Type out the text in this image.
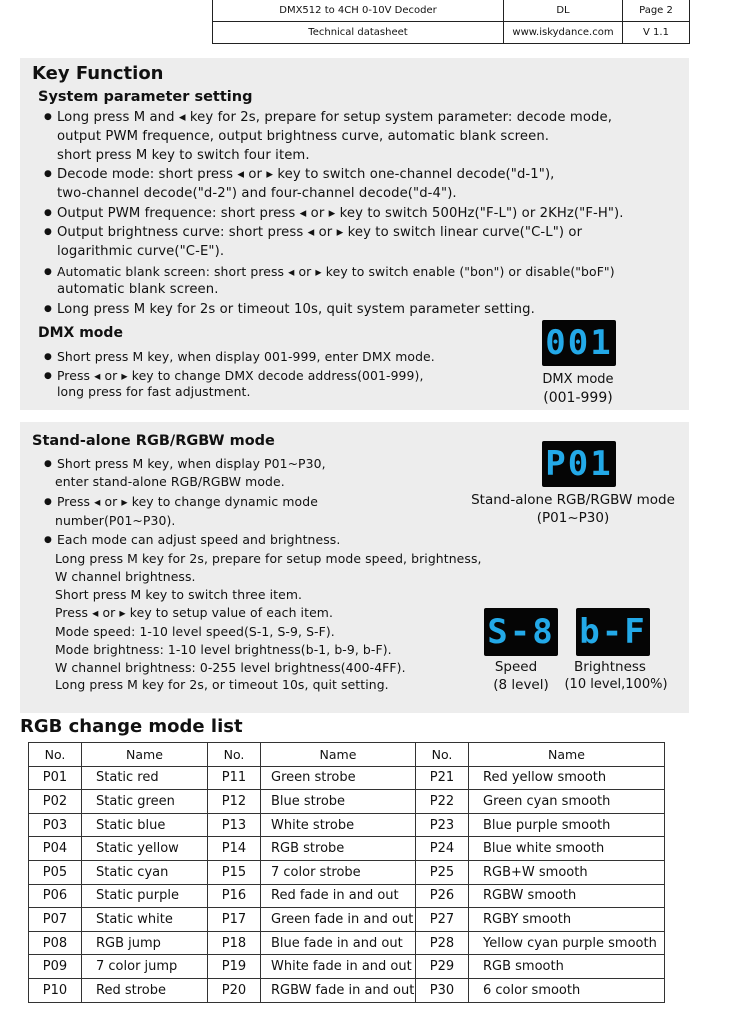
DMX512 to 4CH 0-10V Decoder	DL	Page 2
Technical datasheet	www.iskydance.com	V 1.1
Key Function
System parameter setting
● Long press M and ◂ key for 2s, prepare for setup system parameter: decode mode,
output PWM frequence, output brightness curve, automatic blank screen.
short press M key to switch four item.
● Decode mode: short press ◂ or ▸ key to switch one-channel decode("d-1"),
two-channel decode("d-2") and four-channel decode("d-4").
● Output PWM frequence: short press ◂ or ▸ key to switch 500Hz("F-L") or 2KHz("F-H").
● Output brightness curve: short press ◂ or ▸ key to switch linear curve("C-L") or
logarithmic curve("C-E").
● Automatic blank screen: short press ◂ or ▸ key to switch enable ("bon") or disable("boF")
automatic blank screen.
● Long press M key for 2s or timeout 10s, quit system parameter setting.
DMX mode
● Short press M key, when display 001-999, enter DMX mode.
● Press ◂ or ▸ key to change DMX decode address(001-999),
long press for fast adjustment.
001
DMX mode
(001-999)
Stand-alone RGB/RGBW mode
● Short press M key, when display P01~P30,
enter stand-alone RGB/RGBW mode.
● Press ◂ or ▸ key to change dynamic mode
number(P01~P30).
● Each mode can adjust speed and brightness.
Long press M key for 2s, prepare for setup mode speed, brightness,
W channel brightness.
Short press M key to switch three item.
Press ◂ or ▸ key to setup value of each item.
Mode speed: 1-10 level speed(S-1, S-9, S-F).
Mode brightness: 1-10 level brightness(b-1, b-9, b-F).
W channel brightness: 0-255 level brightness(400-4FF).
Long press M key for 2s, or timeout 10s, quit setting.
P01
Stand-alone RGB/RGBW mode
(P01~P30)
S-8 b-F
Speed
(8 level)
Brightness
(10 level,100%)
RGB change mode list
No.	Name	No.	Name	No.	Name
P01	Static red	P11	Green strobe	P21	Red yellow smooth
P02	Static green	P12	Blue strobe	P22	Green cyan smooth
P03	Static blue	P13	White strobe	P23	Blue purple smooth
P04	Static yellow	P14	RGB strobe	P24	Blue white smooth
P05	Static cyan	P15	7 color strobe	P25	RGB+W smooth
P06	Static purple	P16	Red fade in and out	P26	RGBW smooth
P07	Static white	P17	Green fade in and out	P27	RGBY smooth
P08	RGB jump	P18	Blue fade in and out	P28	Yellow cyan purple smooth
P09	7 color jump	P19	White fade in and out	P29	RGB smooth
P10	Red strobe	P20	RGBW fade in and out	P30	6 color smooth
